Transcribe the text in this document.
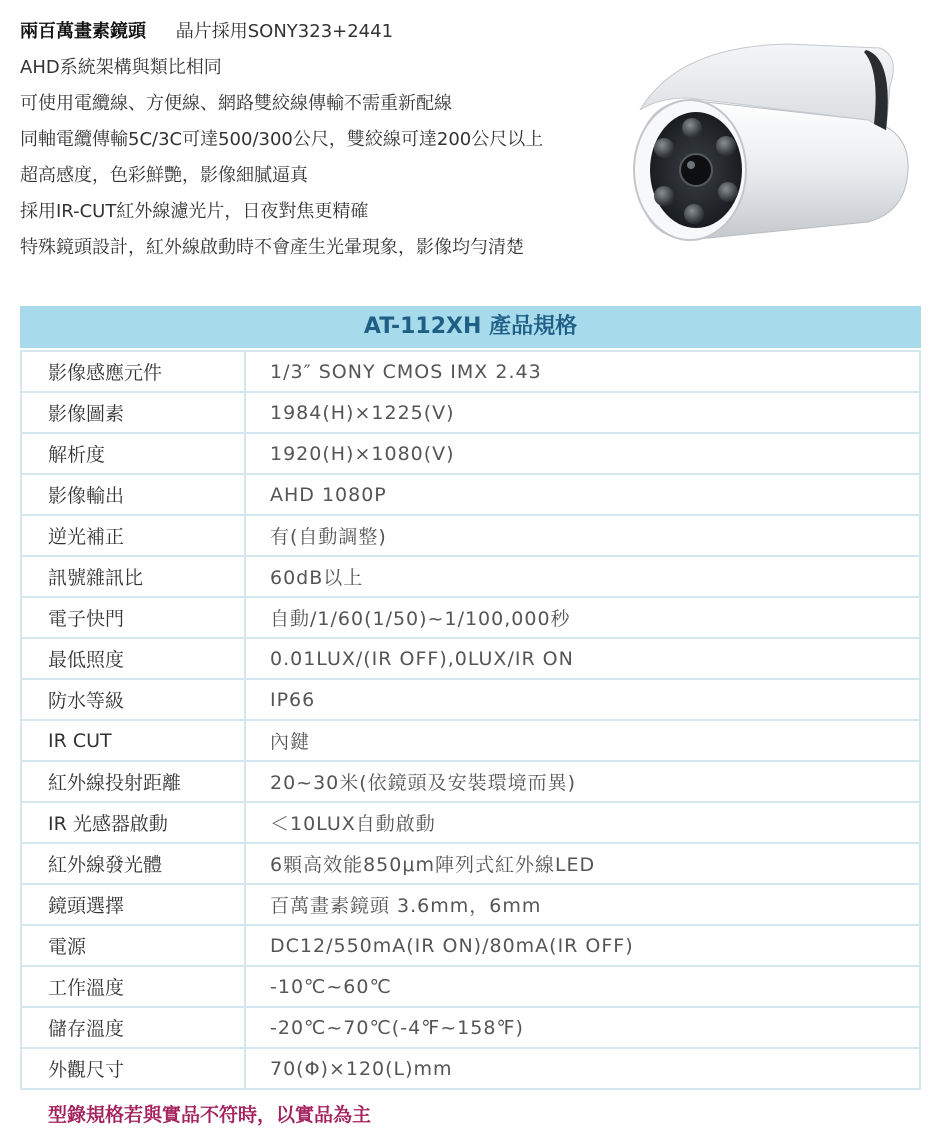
兩百萬畫素鏡頭 晶片採用SONY323+2441
AHD系統架構與類比相同
可使用電纜線、方便線、網路雙絞線傳輸不需重新配線
同軸電纜傳輸5C/3C可達500/300公尺，雙絞線可達200公尺以上
超高感度，色彩鮮艷，影像細膩逼真
採用IR-CUT紅外線濾光片，日夜對焦更精確
特殊鏡頭設計，紅外線啟動時不會產生光暈現象，影像均勻清楚
AT-112XH 產品規格
影像感應元件	1/3″ SONY CMOS IMX 2.43
影像圖素	1984(H)×1225(V)
解析度	1920(H)×1080(V)
影像輸出	AHD 1080P
逆光補正	有(自動調整)
訊號雜訊比	60dB以上
電子快門	自動/1/60(1/50)~1/100,000秒
最低照度	0.01LUX/(IR OFF),0LUX/IR ON
防水等級	IP66
IR CUT	內鍵
紅外線投射距離	20~30米(依鏡頭及安裝環境而異)
IR 光感器啟動	＜10LUX自動啟動
紅外線發光體	6顆高效能850μm陣列式紅外線LED
鏡頭選擇	百萬畫素鏡頭 3.6mm，6mm
電源	DC12/550mA(IR ON)/80mA(IR OFF)
工作溫度	-10℃~60℃
儲存溫度	-20℃~70℃(-4℉~158℉)
外觀尺寸	70(Φ)×120(L)mm
型錄規格若與實品不符時，以實品為主
